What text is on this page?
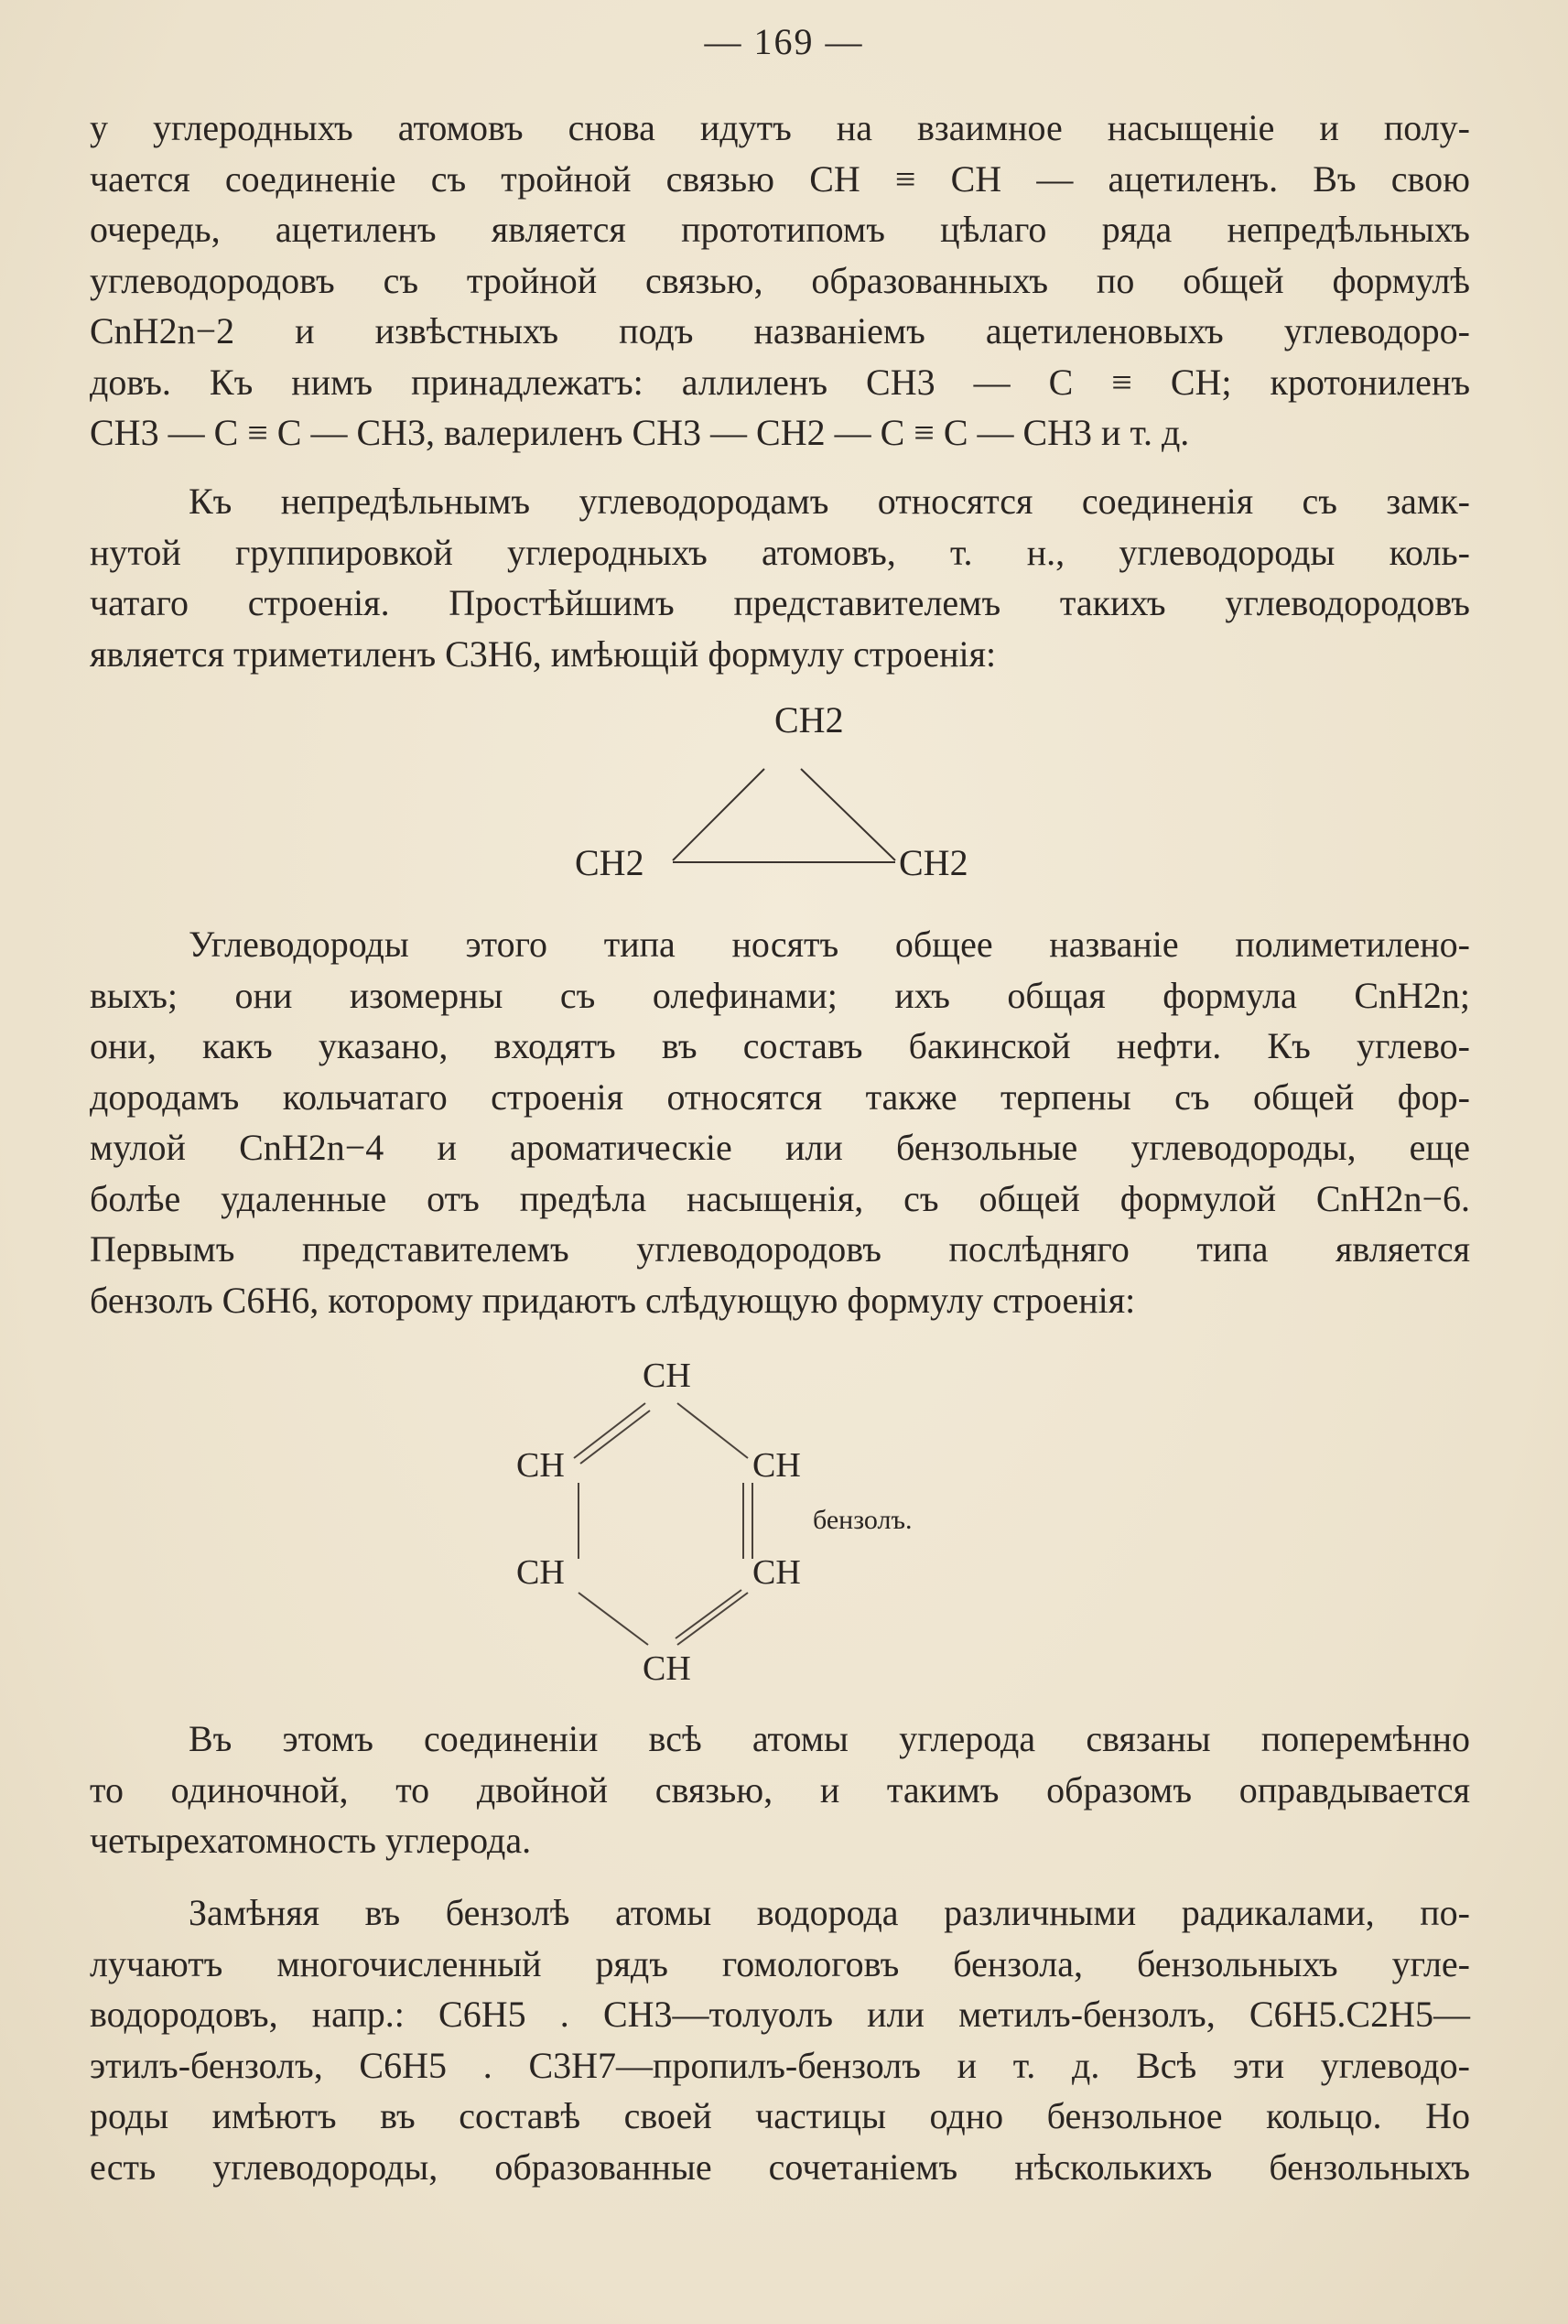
— 169 —
у углеродныхъ атомовъ снова идутъ на взаимное насыщеніе и полу-
чается соединеніе съ тройной связью CH ≡ CH — ацетиленъ. Въ свою
очередь, ацетиленъ является прототипомъ цѣлаго ряда непредѣльныхъ
углеводородовъ съ тройной связью, образованныхъ по общей формулѣ
CnH2n−2 и извѣстныхъ подъ названіемъ ацетиленовыхъ углеводоро-
довъ. Къ нимъ принадлежатъ: аллиленъ CH3 — C ≡ CH; кротониленъ
CH3 — C ≡ C — CH3, валериленъ CH3 — CH2 — C ≡ C — CH3 и т. д.
Къ непредѣльнымъ углеводородамъ относятся соединенія съ замк-
нутой группировкой углеродныхъ атомовъ, т. н., углеводороды коль-
чатаго строенія. Простѣйшимъ представителемъ такихъ углеводородовъ
является триметиленъ C3H6, имѣющій формулу строенія:
CH2
CH2	CH2
Углеводороды этого типа носятъ общее названіе полиметилено-
выхъ; они изомерны съ олефинами; ихъ общая формула CnH2n;
они, какъ указано, входятъ въ составъ бакинской нефти. Къ углево-
дородамъ кольчатаго строенія относятся также терпены съ общей фор-
мулой CnH2n−4 и ароматическіе или бензольные углеводороды, еще
болѣе удаленные отъ предѣла насыщенія, съ общей формулой CnH2n−6.
Первымъ представителемъ углеводородовъ послѣдняго типа является
бензолъ C6H6, которому придаютъ слѣдующую формулу строенія:
CH
CH	CH
CH	CH
CH
бензолъ.
Въ этомъ соединеніи всѣ атомы углерода связаны поперемѣнно
то одиночной, то двойной связью, и такимъ образомъ оправдывается
четырехатомность углерода.
Замѣняя въ бензолѣ атомы водорода различными радикалами, по-
лучаютъ многочисленный рядъ гомологовъ бензола, бензольныхъ угле-
водородовъ, напр.: C6H5 . CH3—толуолъ или метилъ-бензолъ, C6H5.C2H5—
этилъ-бензолъ, C6H5 . C3H7—пропилъ-бензолъ и т. д. Всѣ эти углеводо-
роды имѣютъ въ составѣ своей частицы одно бензольное кольцо. Но
есть углеводороды, образованные сочетаніемъ нѣсколькихъ бензольныхъ
